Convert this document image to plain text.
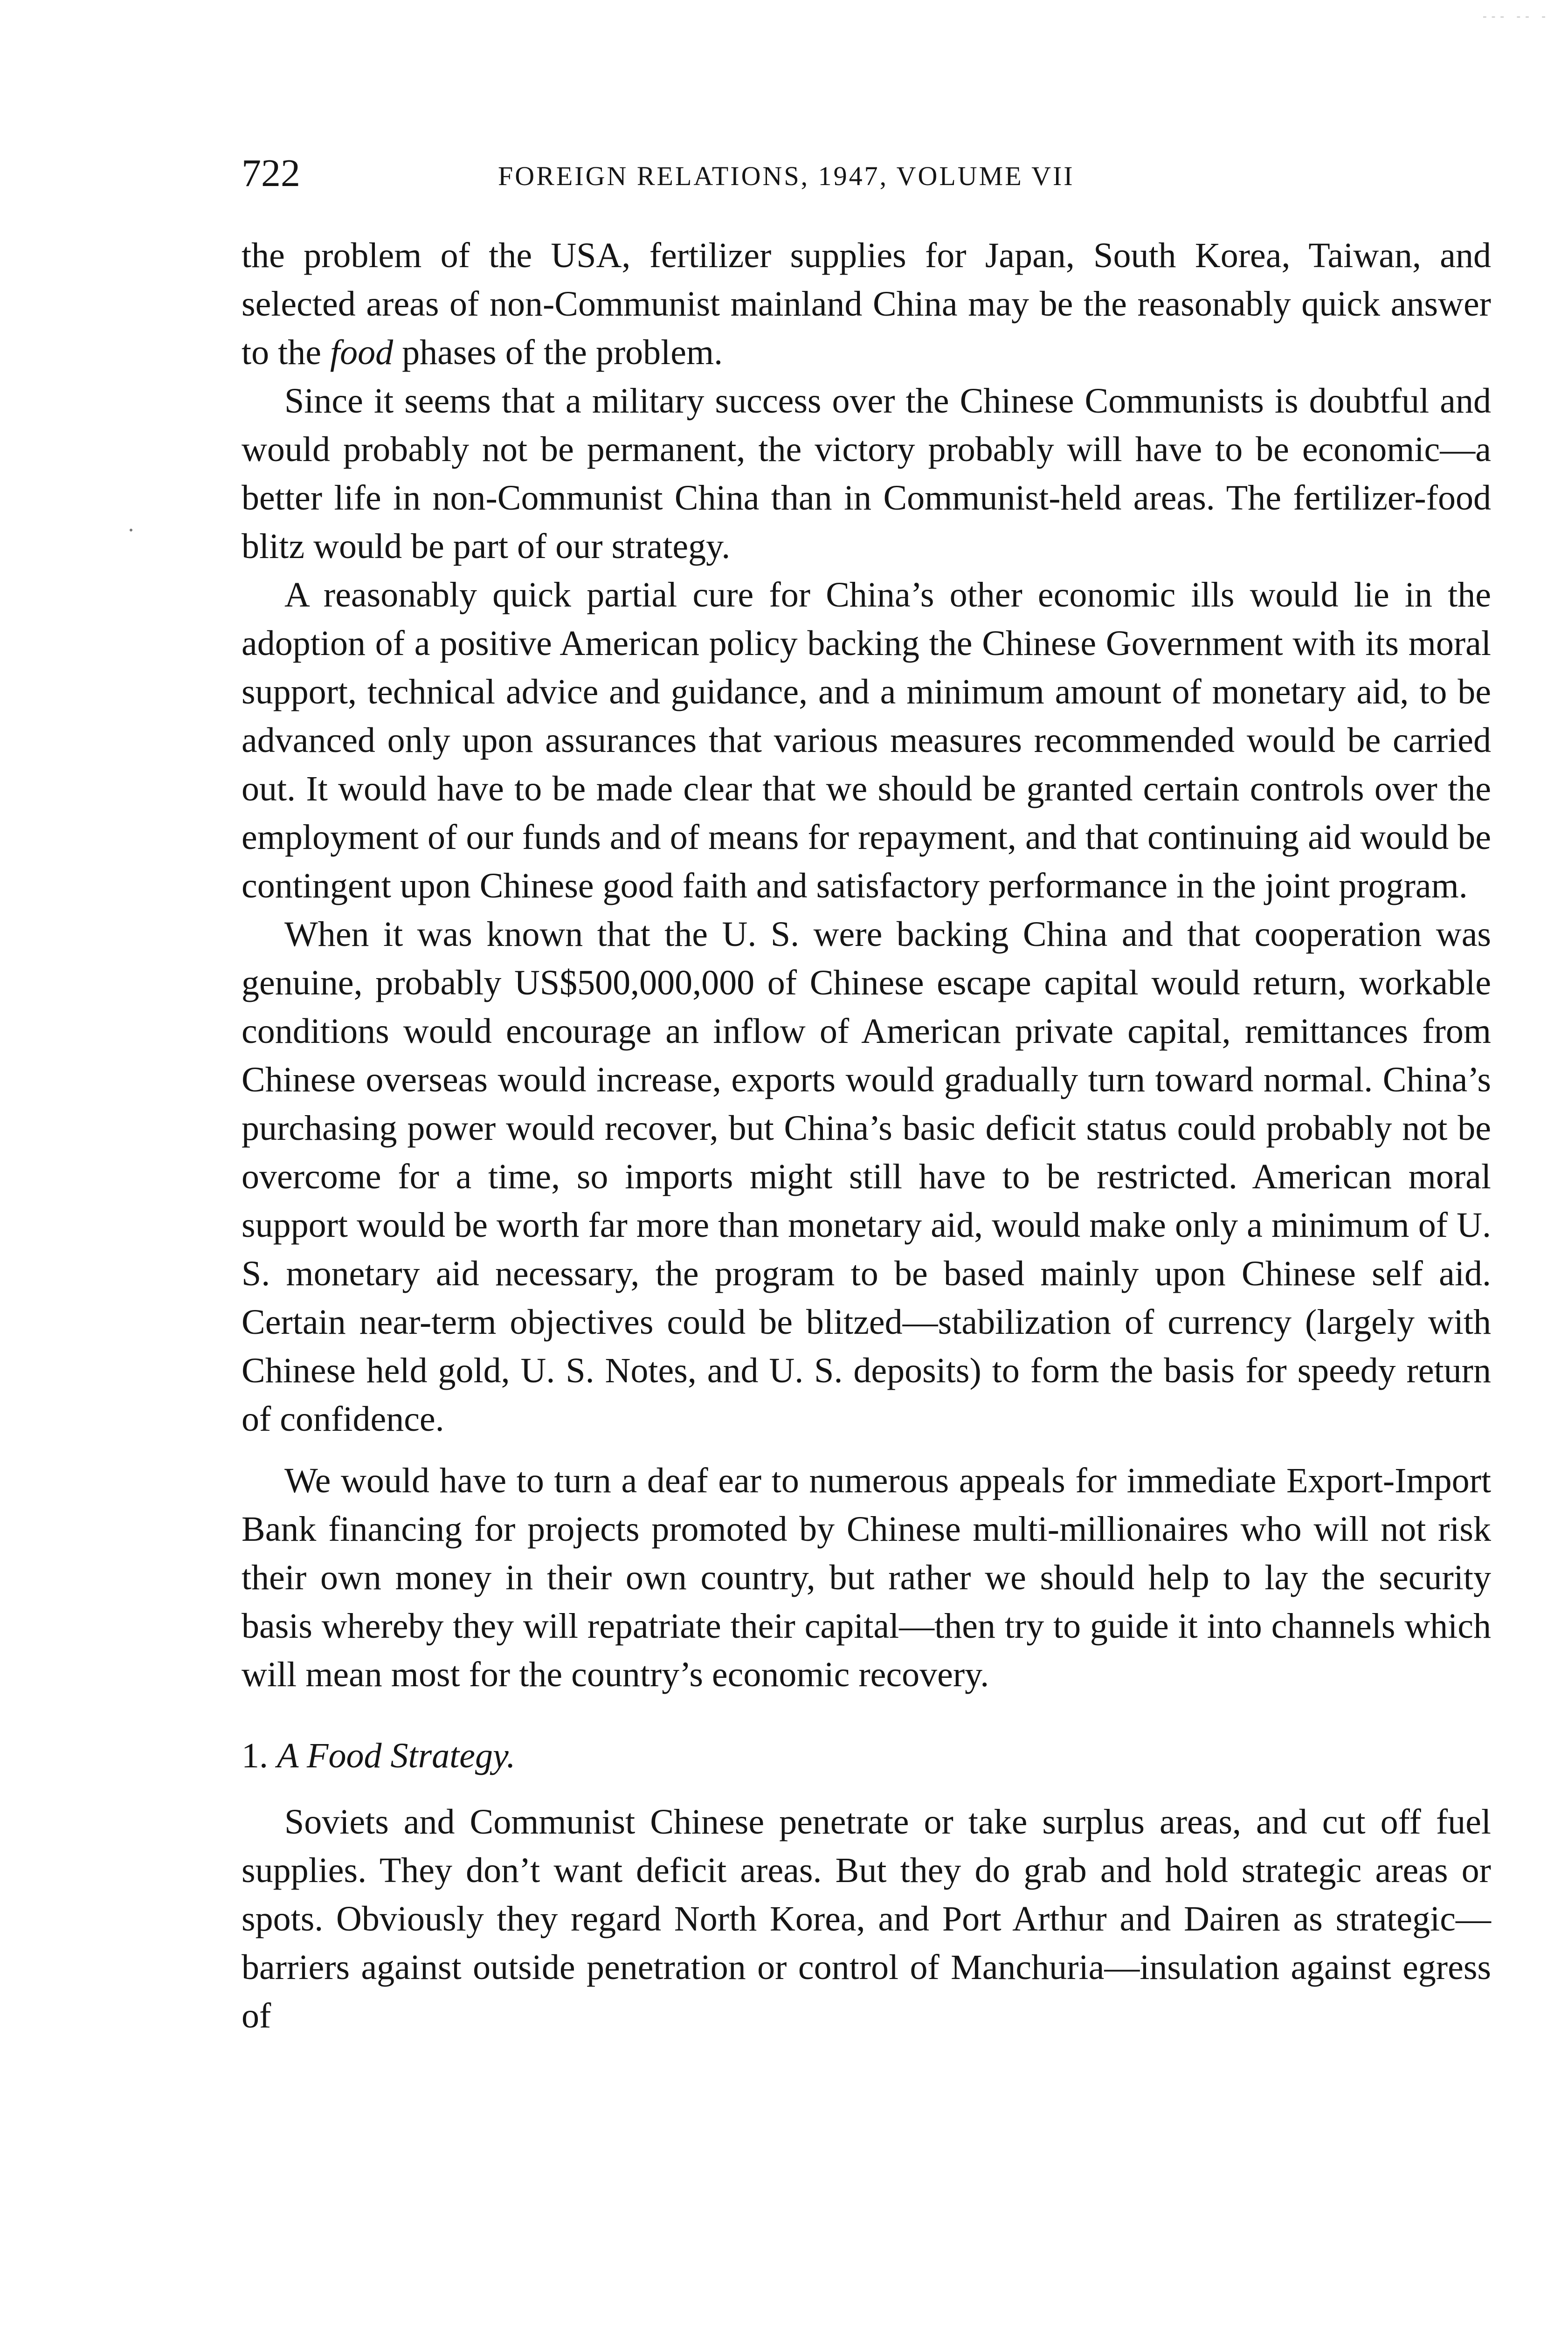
--- -- -
722	FOREIGN RELATIONS, 1947, VOLUME VII

the problem of the USA, fertilizer supplies for Japan, South Korea, Taiwan, and selected areas of non-Communist mainland China may be the reasonably quick answer to the food phases of the problem.

Since it seems that a military success over the Chinese Communists is doubtful and would probably not be permanent, the victory probably will have to be economic—a better life in non-Communist China than in Communist-held areas. The fertilizer-food blitz would be part of our strategy.

A reasonably quick partial cure for China’s other economic ills would lie in the adoption of a positive American policy backing the Chinese Government with its moral support, technical advice and guidance, and a minimum amount of monetary aid, to be advanced only upon assurances that various measures recommended would be carried out. It would have to be made clear that we should be granted certain controls over the employment of our funds and of means for repayment, and that continuing aid would be contingent upon Chinese good faith and satisfactory performance in the joint program.

When it was known that the U. S. were backing China and that cooperation was genuine, probably US$500,000,000 of Chinese escape capital would return, workable conditions would encourage an inflow of American private capital, remittances from Chinese overseas would increase, exports would gradually turn toward normal. China’s purchasing power would recover, but China’s basic deficit status could probably not be overcome for a time, so imports might still have to be restricted. American moral support would be worth far more than monetary aid, would make only a minimum of U. S. monetary aid necessary, the program to be based mainly upon Chinese self aid. Certain near-term objectives could be blitzed—stabilization of currency (largely with Chinese held gold, U. S. Notes, and U. S. deposits) to form the basis for speedy return of confidence.

We would have to turn a deaf ear to numerous appeals for immediate Export-Import Bank financing for projects promoted by Chinese multi-millionaires who will not risk their own money in their own country, but rather we should help to lay the security basis whereby they will repatriate their capital—then try to guide it into channels which will mean most for the country’s economic recovery.

1. A Food Strategy.

Soviets and Communist Chinese penetrate or take surplus areas, and cut off fuel supplies. They don’t want deficit areas. But they do grab and hold strategic areas or spots. Obviously they regard North Korea, and Port Arthur and Dairen as strategic—barriers against outside penetration or control of Manchuria—insulation against egress of
